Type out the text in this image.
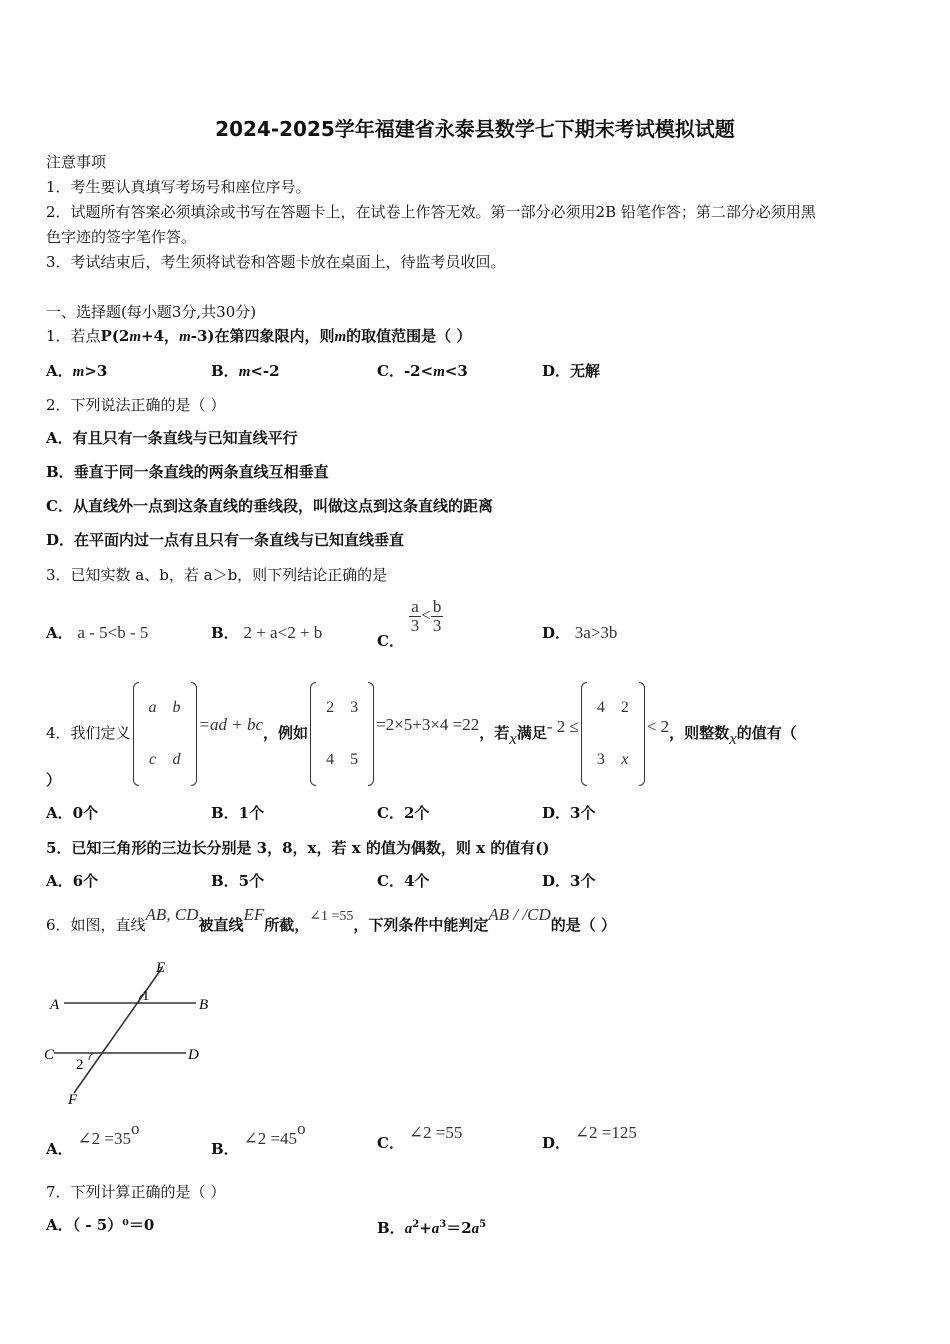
2024-2025学年福建省永泰县数学七下期末考试模拟试题
注意事项
1．考生要认真填写考场号和座位序号。
2．试题所有答案必须填涂或书写在答题卡上，在试卷上作答无效。第一部分必须用2B 铅笔作答；第二部分必须用黑
色字迹的签字笔作答。
3．考试结束后，考生须将试卷和答题卡放在桌面上，待监考员收回。
一、选择题(每小题3分,共30分)
1．若点P(2m+4，m-3)在第四象限内，则m的取值范围是（ ）
A．m>3	B．m<-2	C．-2<m<3	D．无解
2．下列说法正确的是（ ）
A．有且只有一条直线与已知直线平行
B．垂直于同一条直线的两条直线互相垂直
C．从直线外一点到这条直线的垂线段，叫做这点到这条直线的距离
D．在平面内过一点有且只有一条直线与已知直线垂直
3．已知实数 a、b，若 a＞b，则下列结论正确的是
A． a - 5<b - 5	B． 2 + a<2 + b	C．
$\frac{a}{3} < \frac{b}{3}$	D． 3a>3b
4．我们定义
a	b
c	d
=ad + bc，例如
2	3
4	5
=2×5+3×4 =22，若x满足- 2 ≤
4	2
3	x
< 2，则整数x的值有（
）
A．0个	B．1个	C．2个	D．3个
5．已知三角形的三边长分别是 3，8，x，若 x 的值为偶数，则 x 的值有()
A．6个	B．5个	C．4个	D．3个
6．如图，直线AB, CD被直线EF所截，∠1 =55，下列条件中能判定AB / /CD的是（ ）
E
A	B
1
C	D
2
F
A． ∠2 $=35^o$
B． ∠2 $=45^o$
C． ∠2 =55
D． ∠2 =125
7．下列计算正确的是（ ）
A．（ - 5）⁰＝0	B．$a^2+a^3=2a^5$
